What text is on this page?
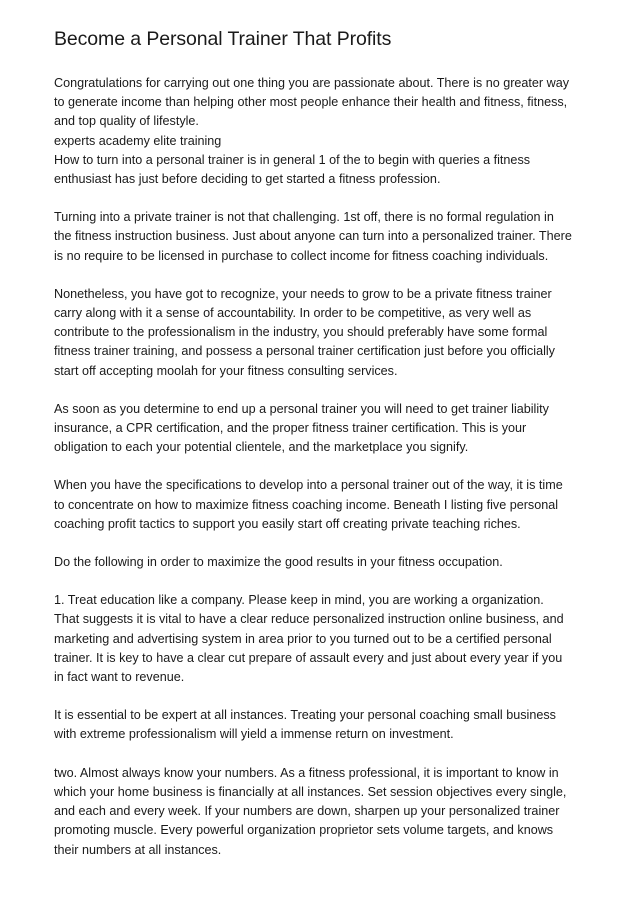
Become a Personal Trainer That Profits
Congratulations for carrying out one thing you are passionate about. There is no greater way
to generate income than helping other most people enhance their health and fitness, fitness,
and top quality of lifestyle.
experts academy elite training
How to turn into a personal trainer is in general 1 of the to begin with queries a fitness
enthusiast has just before deciding to get started a fitness profession.
Turning into a private trainer is not that challenging. 1st off, there is no formal regulation in
the fitness instruction business. Just about anyone can turn into a personalized trainer. There
is no require to be licensed in purchase to collect income for fitness coaching individuals.
Nonetheless, you have got to recognize, your needs to grow to be a private fitness trainer
carry along with it a sense of accountability. In order to be competitive, as very well as
contribute to the professionalism in the industry, you should preferably have some formal
fitness trainer training, and possess a personal trainer certification just before you officially
start off accepting moolah for your fitness consulting services.
As soon as you determine to end up a personal trainer you will need to get trainer liability
insurance, a CPR certification, and the proper fitness trainer certification. This is your
obligation to each your potential clientele, and the marketplace you signify.
When you have the specifications to develop into a personal trainer out of the way, it is time
to concentrate on how to maximize fitness coaching income. Beneath I listing five personal
coaching profit tactics to support you easily start off creating private teaching riches.
Do the following in order to maximize the good results in your fitness occupation.
1. Treat education like a company. Please keep in mind, you are working a organization.
That suggests it is vital to have a clear reduce personalized instruction online business, and
marketing and advertising system in area prior to you turned out to be a certified personal
trainer. It is key to have a clear cut prepare of assault every and just about every year if you
in fact want to revenue.
It is essential to be expert at all instances. Treating your personal coaching small business
with extreme professionalism will yield a immense return on investment.
two. Almost always know your numbers. As a fitness professional, it is important to know in
which your home business is financially at all instances. Set session objectives every single,
and each and every week. If your numbers are down, sharpen up your personalized trainer
promoting muscle. Every powerful organization proprietor sets volume targets, and knows
their numbers at all instances.
